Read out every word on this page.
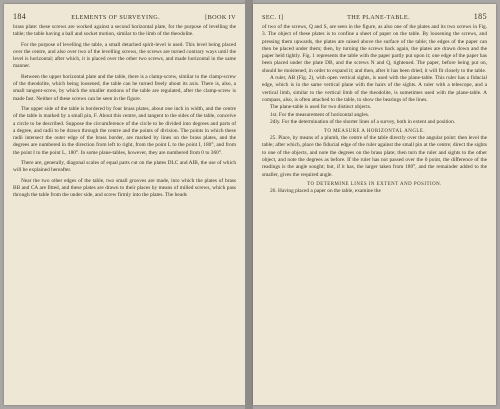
184	ELEMENTS OF SURVEYING.	[BOOK IV

brass plate: these screws are worked against a second horizontal plate, for the purpose of levelling the table; the table having a ball and socket motion, similar to the limb of the theodolite.

For the purpose of levelling the table, a small detached spirit-level is used. This level being placed over the centre, and also over two of the levelling screws, the screws are turned contrary ways until the level is horizontal; after which, it is placed over the other two screws, and made horizontal in the same manner.

Between the upper horizontal plate and the table, there is a clamp-screw, similar to the clamp-screw of the theodolite, which being loosened, the table can be turned freely about its axis. There is, also, a small tangent-screw, by which the smaller motions of the table are regulated, after the clamp-screw is made fast. Neither of these screws can be seen in the figure.

The upper side of the table is bordered by four brass plates, about one inch in width, and the centre of the table is marked by a small pin, F. About this centre, and tangent to the sides of the table, conceive a circle to be described. Suppose the circumference of the circle to be divided into degrees and parts of a degree, and radii to be drawn through the centre and the points of division. The points in which these radii intersect the outer edge of the brass border, are marked by lines on the brass plates, and the degrees are numbered in the direction from left to right, from the point L to the point I, 180°, and from the point I to the point L, 180°. In some plane-tables, however, they are numbered from 0 to 360°.

There are, generally, diagonal scales of equal parts cut on the plates DLC and AIB, the use of which will be explained hereafter.

Near the two other edges of the table, two small grooves are made, into which the plates of brass BB and CA are fitted, and these plates are drawn to their places by means of milled screws, which pass through the table from the under side, and screw firmly into the plates. The heads

SEC. I]	THE PLANE-TABLE.	185

of two of the screws, Q and S, are seen in the figure, as also one of the plates and its two screws in Fig. 3. The object of these plates is to confine a sheet of paper on the table. By loosening the screws, and pressing them upwards, the plates are raised above the surface of the table; the edges of the paper can then be placed under them; then, by turning the screws back again, the plates are drawn down and the paper held tightly. Fig. 1 represents the table with the paper partly put upon it; one edge of the paper has been placed under the plate DB, and the screws N and Q, tightened. The paper, before being put on, should be moistened, in order to expand it; and then, after it has been dried, it will fit closely to the table.

A ruler, AB (Fig. 2), with open vertical sights, is used with the plane-table. This ruler has a fiducial edge, which is in the same vertical plane with the hairs of the sights. A ruler with a telescope, and a vertical limb, similar to the vertical limb of the theodolite, is sometimes used with the plane-table. A compass, also, is often attached to the table, to show the bearings of the lines.

The plane-table is used for two distinct objects.

1st. For the measurement of horizontal angles.

2dly. For the determination of the shorter lines of a survey, both in extent and position.

TO MEASURE A HORIZONTAL ANGLE.

25. Place, by means of a plumb, the centre of the table directly over the angular point: then level the table; after which, place the fiducial edge of the ruler against the small pin at the centre; direct the sights to one of the objects, and note the degrees on the brass plate; then turn the ruler and sights to the other object, and note the degrees as before. If the ruler has not passed over the 0 point, the difference of the readings is the angle sought; but, if it has, the larger taken from 180°, and the remainder added to the smaller, gives the required angle.

TO DETERMINE LINES IN EXTENT AND POSITION.

26. Having placed a paper on the table, examine the
